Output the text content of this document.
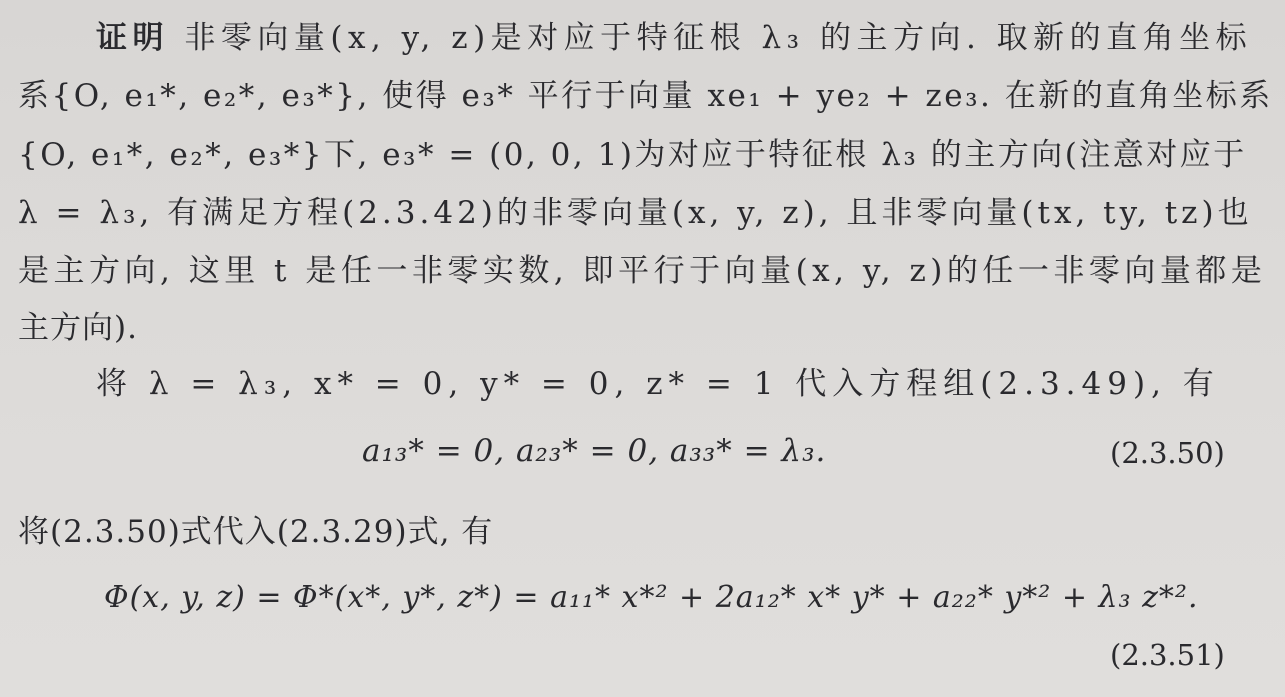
证明 非零向量(x, y, z)是对应于特征根 λ₃ 的主方向. 取新的直角坐标
系{O, e₁*, e₂*, e₃*}, 使得 e₃* 平行于向量 xe₁ + ye₂ + ze₃. 在新的直角坐标系
{O, e₁*, e₂*, e₃*}下, e₃* = (0, 0, 1)为对应于特征根 λ₃ 的主方向(注意对应于
λ = λ₃, 有满足方程(2.3.42)的非零向量(x, y, z), 且非零向量(tx, ty, tz)也
是主方向, 这里 t 是任一非零实数, 即平行于向量(x, y, z)的任一非零向量都是
主方向).
将 λ = λ₃, x* = 0, y* = 0, z* = 1 代入方程组(2.3.49), 有
a₁₃* = 0, a₂₃* = 0, a₃₃* = λ₃.	(2.3.50)
将(2.3.50)式代入(2.3.29)式, 有
Φ(x, y, z) = Φ*(x*, y*, z*) = a₁₁* x*² + 2a₁₂* x* y* + a₂₂* y*² + λ₃ z*².
(2.3.51)
